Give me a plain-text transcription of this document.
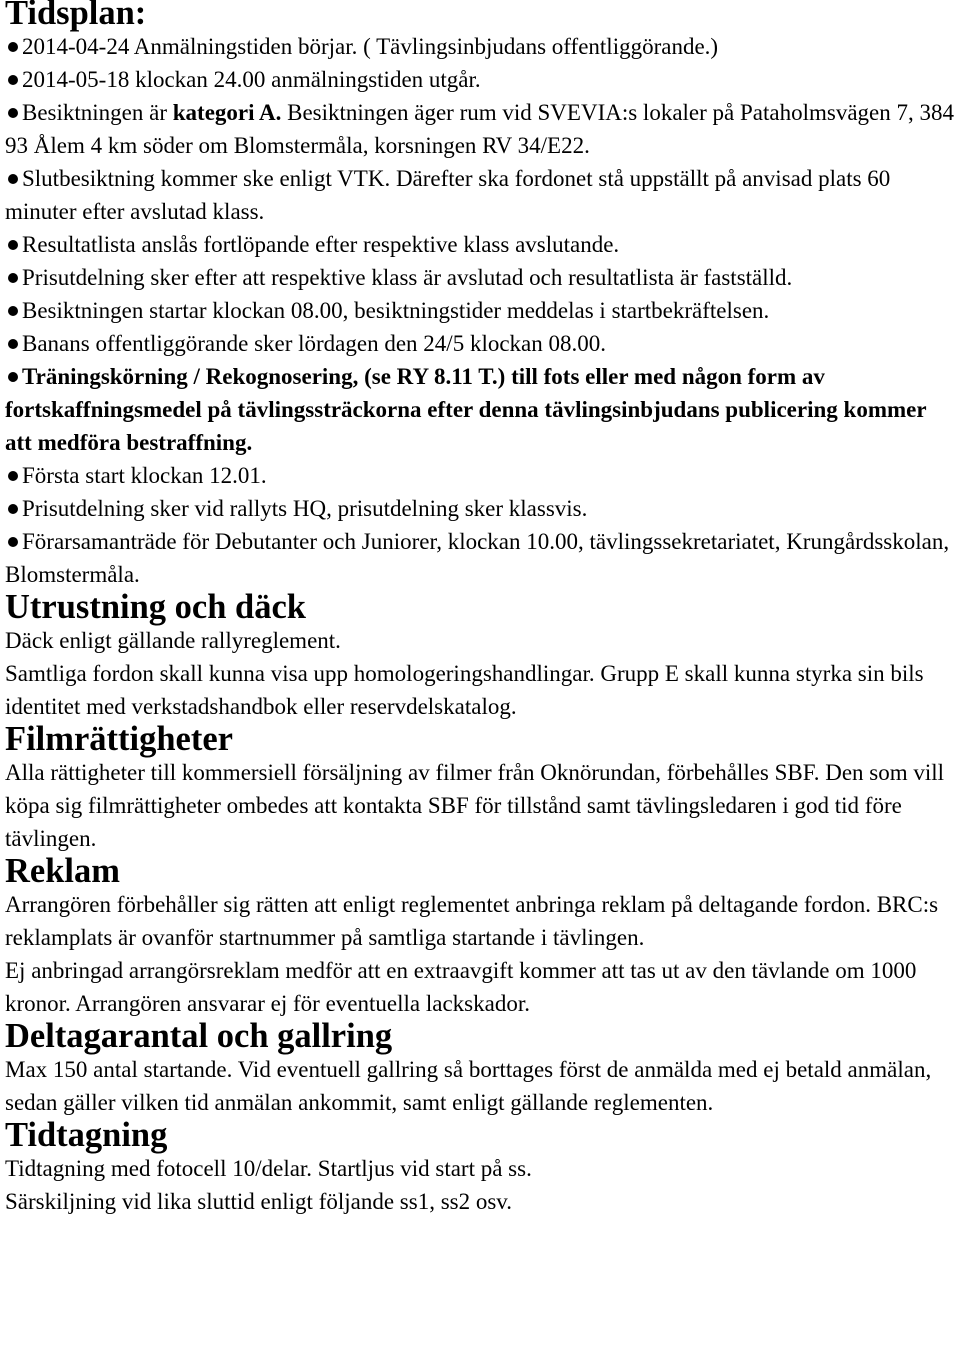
Tidsplan:
2014-04-24 Anmälningstiden börjar. ( Tävlingsinbjudans offentliggörande.)
2014-05-18 klockan 24.00 anmälningstiden utgår.
Besiktningen är kategori A. Besiktningen äger rum vid SVEVIA:s lokaler på Pataholmsvägen 7, 384 93 Ålem 4 km söder om Blomstermåla, korsningen RV 34/E22.
Slutbesiktning kommer ske enligt VTK. Därefter ska fordonet stå uppställt på anvisad plats 60 minuter efter avslutad klass.
Resultatlista anslås fortlöpande efter respektive klass avslutande.
Prisutdelning sker efter att respektive klass är avslutad och resultatlista är fastställd.
Besiktningen startar klockan 08.00, besiktningstider meddelas i startbekräftelsen.
Banans offentliggörande sker lördagen den 24/5 klockan 08.00.
Träningskörning / Rekognosering, (se RY 8.11 T.) till fots eller med någon form av fortskaffningsmedel på tävlingssträckorna efter denna tävlingsinbjudans publicering kommer att medföra bestraffning.
Första start klockan 12.01.
Prisutdelning sker vid rallyts HQ, prisutdelning sker klassvis.
Förarsamanträde för Debutanter och Juniorer, klockan 10.00, tävlingssekretariatet, Krungårdsskolan, Blomstermåla.
Utrustning och däck

Däck enligt gällande rallyreglement.

Samtliga fordon skall kunna visa upp homologeringshandlingar. Grupp E skall kunna styrka sin bils identitet med verkstadshandbok eller reservdelskatalog.

Filmrättigheter

Alla rättigheter till kommersiell försäljning av filmer från Oknörundan, förbehålles SBF. Den som vill köpa sig filmrättigheter ombedes att kontakta SBF för tillstånd samt tävlingsledaren i god tid före tävlingen.

Reklam

Arrangören förbehåller sig rätten att enligt reglementet anbringa reklam på deltagande fordon. BRC:s reklamplats är ovanför startnummer på samtliga startande i tävlingen.

Ej anbringad arrangörsreklam medför att en extraavgift kommer att tas ut av den tävlande om 1000 kronor. Arrangören ansvarar ej för eventuella lackskador.

Deltagarantal och gallring

Max 150 antal startande. Vid eventuell gallring så borttages först de anmälda med ej betald anmälan, sedan gäller vilken tid anmälan ankommit, samt enligt gällande reglementen.

Tidtagning

Tidtagning med fotocell 10/delar. Startljus vid start på ss.

Särskiljning vid lika sluttid enligt följande ss1, ss2 osv.
